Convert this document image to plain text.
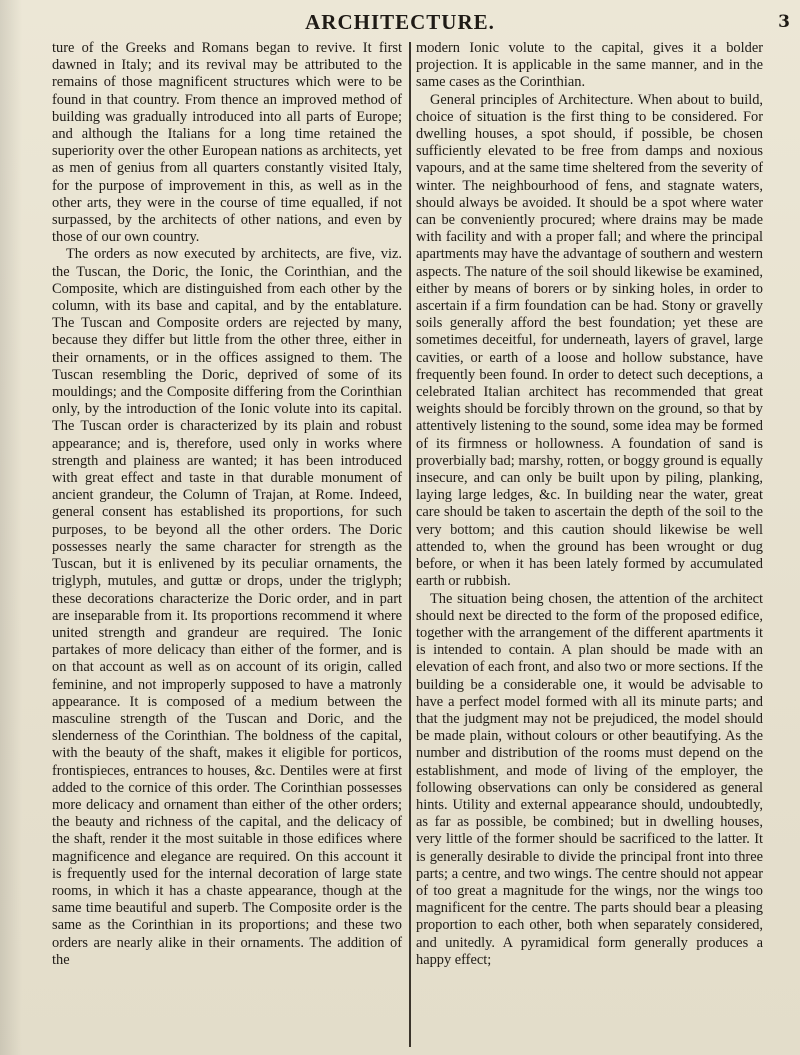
ARCHITECTURE.	3

ture of the Greeks and Romans began to revive. It first dawned in Italy; and its revival may be attributed to the remains of those magnificent structures which were to be found in that country. From thence an improved method of building was gradually introduced into all parts of Europe; and although the Italians for a long time retained the superiority over the other European nations as architects, yet as men of genius from all quarters constantly visited Italy, for the purpose of improvement in this, as well as in the other arts, they were in the course of time equalled, if not surpassed, by the architects of other nations, and even by those of our own country.

The orders as now executed by architects, are five, viz. the Tuscan, the Doric, the Ionic, the Corinthian, and the Composite, which are distinguished from each other by the column, with its base and capital, and by the entablature. The Tuscan and Composite orders are rejected by many, because they differ but little from the other three, either in their ornaments, or in the offices assigned to them. The Tuscan resembling the Doric, deprived of some of its mouldings; and the Composite differing from the Corinthian only, by the introduction of the Ionic volute into its capital. The Tuscan order is characterized by its plain and robust appearance; and is, therefore, used only in works where strength and plainess are wanted; it has been introduced with great effect and taste in that durable monument of ancient grandeur, the Column of Trajan, at Rome. Indeed, general consent has established its proportions, for such purposes, to be beyond all the other orders. The Doric possesses nearly the same character for strength as the Tuscan, but it is enlivened by its peculiar ornaments, the triglyph, mutules, and guttæ or drops, under the triglyph; these decorations characterize the Doric order, and in part are inseparable from it. Its proportions recommend it where united strength and grandeur are required. The Ionic partakes of more delicacy than either of the former, and is on that account as well as on account of its origin, called feminine, and not improperly supposed to have a matronly appearance. It is composed of a medium between the masculine strength of the Tuscan and Doric, and the slenderness of the Corinthian. The boldness of the capital, with the beauty of the shaft, makes it eligible for porticos, frontispieces, entrances to houses, &c. Dentiles were at first added to the cornice of this order. The Corinthian possesses more delicacy and ornament than either of the other orders; the beauty and richness of the capital, and the delicacy of the shaft, render it the most suitable in those edifices where magnificence and elegance are required. On this account it is frequently used for the internal decoration of large state rooms, in which it has a chaste appearance, though at the same time beautiful and superb. The Composite order is the same as the Corinthian in its proportions; and these two orders are nearly alike in their ornaments. The addition of the

modern Ionic volute to the capital, gives it a bolder projection. It is applicable in the same manner, and in the same cases as the Corinthian.

General principles of Architecture. When about to build, choice of situation is the first thing to be considered. For dwelling houses, a spot should, if possible, be chosen sufficiently elevated to be free from damps and noxious vapours, and at the same time sheltered from the severity of winter. The neighbourhood of fens, and stagnate waters, should always be avoided. It should be a spot where water can be conveniently procured; where drains may be made with facility and with a proper fall; and where the principal apartments may have the advantage of southern and western aspects. The nature of the soil should likewise be examined, either by means of borers or by sinking holes, in order to ascertain if a firm foundation can be had. Stony or gravelly soils generally afford the best foundation; yet these are sometimes deceitful, for underneath, layers of gravel, large cavities, or earth of a loose and hollow substance, have frequently been found. In order to detect such deceptions, a celebrated Italian architect has recommended that great weights should be forcibly thrown on the ground, so that by attentively listening to the sound, some idea may be formed of its firmness or hollowness. A foundation of sand is proverbially bad; marshy, rotten, or boggy ground is equally insecure, and can only be built upon by piling, planking, laying large ledges, &c. In building near the water, great care should be taken to ascertain the depth of the soil to the very bottom; and this caution should likewise be well attended to, when the ground has been wrought or dug before, or when it has been lately formed by accumulated earth or rubbish.

The situation being chosen, the attention of the architect should next be directed to the form of the proposed edifice, together with the arrangement of the different apartments it is intended to contain. A plan should be made with an elevation of each front, and also two or more sections. If the building be a considerable one, it would be advisable to have a perfect model formed with all its minute parts; and that the judgment may not be prejudiced, the model should be made plain, without colours or other beautifying. As the number and distribution of the rooms must depend on the establishment, and mode of living of the employer, the following observations can only be considered as general hints. Utility and external appearance should, undoubtedly, as far as possible, be combined; but in dwelling houses, very little of the former should be sacrificed to the latter. It is generally desirable to divide the principal front into three parts; a centre, and two wings. The centre should not appear of too great a magnitude for the wings, nor the wings too magnificent for the centre. The parts should bear a pleasing proportion to each other, both when separately considered, and unitedly. A pyramidical form generally produces a happy effect;
